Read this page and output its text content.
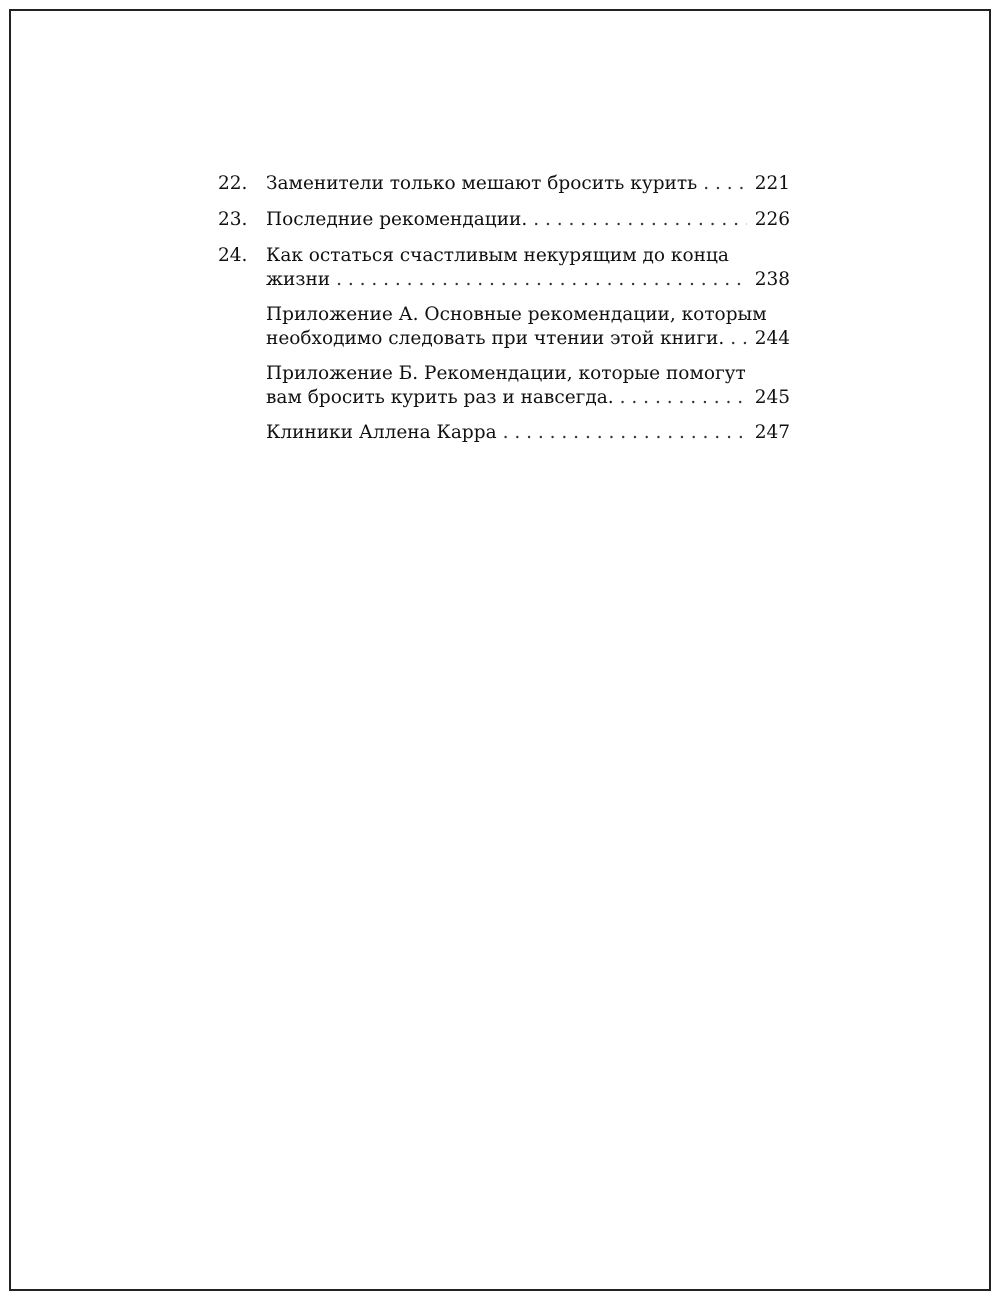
22.	Заменители только мешают бросить курить . . .	221
23.	Последние рекомендации. . . .	226
24.	Как остаться счастливым некурящим до конца
жизни . . .	238
Приложение А. Основные рекомендации, которым
необходимо следовать при чтении этой книги. . . . 244
Приложение Б. Рекомендации, которые помогут
вам бросить курить раз и навсегда. . . .	245
Клиники Аллена Карра . . .	247
